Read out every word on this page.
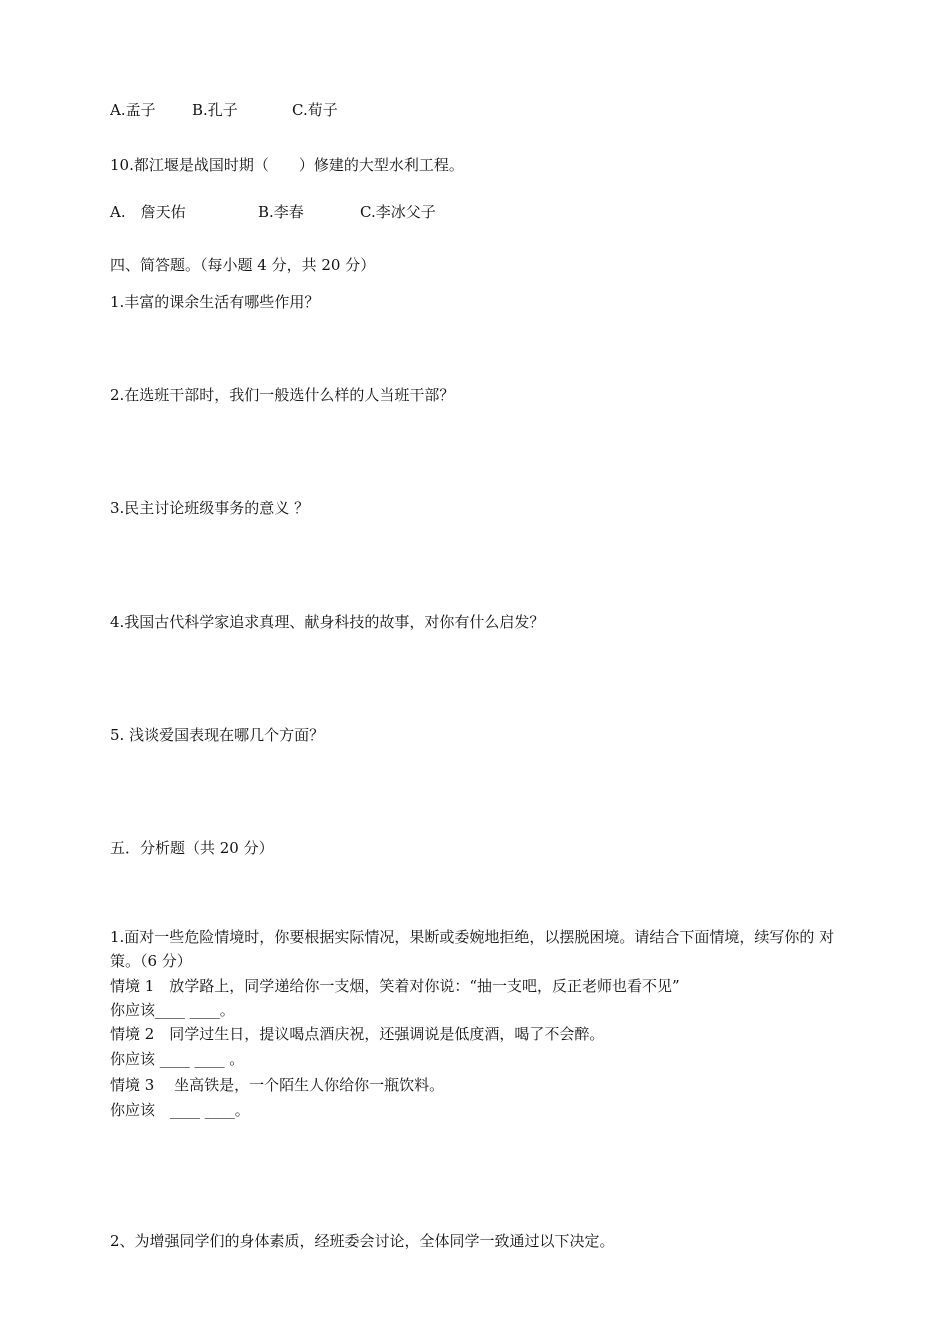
A.孟子 B.孔子	C.荀子
10.都江堰是战国时期（　　）修建的大型水利工程。
A.　詹天佑	B.李春	C.李冰父子
四、简答题。（每小题 4 分，共 20 分）
1.丰富的课余生活有哪些作用？
2.在选班干部时，我们一般选什么样的人当班干部？
3.民主讨论班级事务的意义 ？
4.我国古代科学家追求真理、献身科技的故事，对你有什么启发？
5. 浅谈爱国表现在哪几个方面？
五．分析题（共 20 分）
1.面对一些危险情境时，你要根据实际情况，果断或委婉地拒绝，以摆脱困境。请结合下面情境，续写你的 对策。（6 分）
情境 1　放学路上，同学递给你一支烟，笑着对你说：“抽一支吧，反正老师也看不见”
你应该____ ____。
情境 2　同学过生日，提议喝点酒庆祝，还强调说是低度酒，喝了不会醉。
你应该 ____ ____ 。
情境 3　 坐高铁是，一个陌生人你给你一瓶饮料。
你应该　____ ____。
2、为增强同学们的身体素质，经班委会讨论，全体同学一致通过以下决定。
